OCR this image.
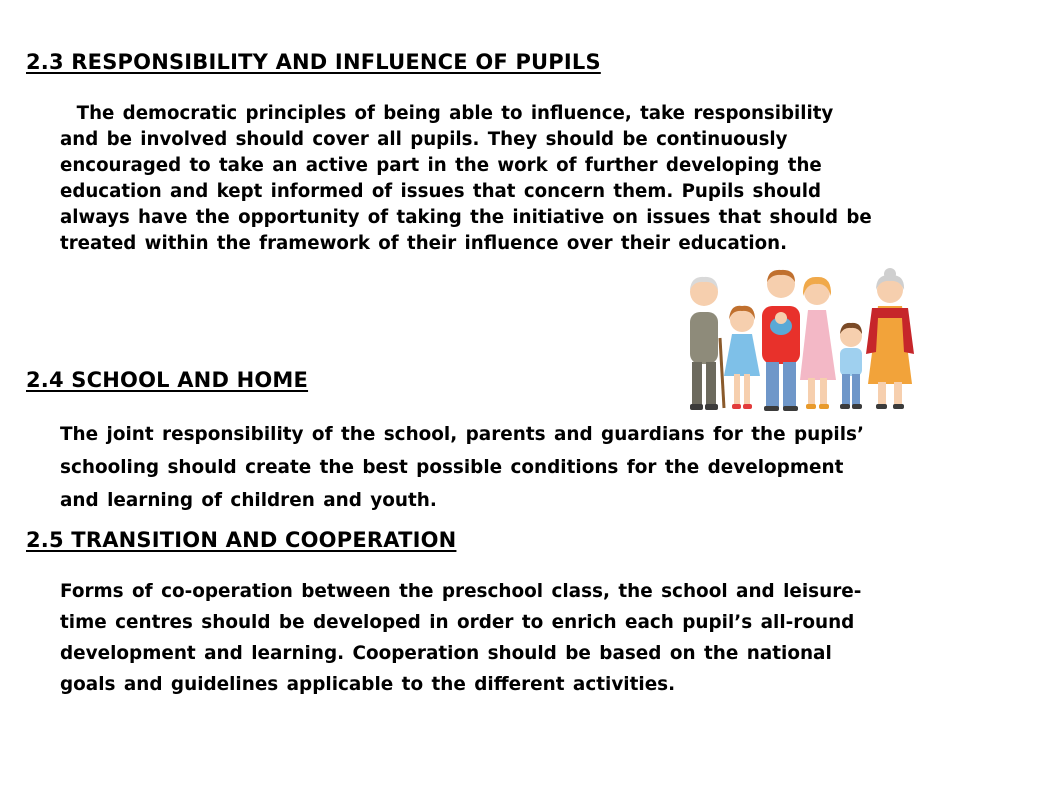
2.3 RESPONSIBILITY AND INFLUENCE OF PUPILS

The democratic principles of being able to influence, take responsibility
and be involved should cover all pupils. They should be continuously
encouraged to take an active part in the work of further developing the
education and kept informed of issues that concern them. Pupils should
always have the opportunity of taking the initiative on issues that should be
treated within the framework of their influence over their education.

2.4 SCHOOL AND HOME

The joint responsibility of the school, parents and guardians for the pupils’
schooling should create the best possible conditions for the development
and learning of children and youth.

2.5 TRANSITION AND COOPERATION

Forms of co-operation between the preschool class, the school and leisure-
time centres should be developed in order to enrich each pupil’s all-round
development and learning. Cooperation should be based on the national
goals and guidelines applicable to the different activities.
